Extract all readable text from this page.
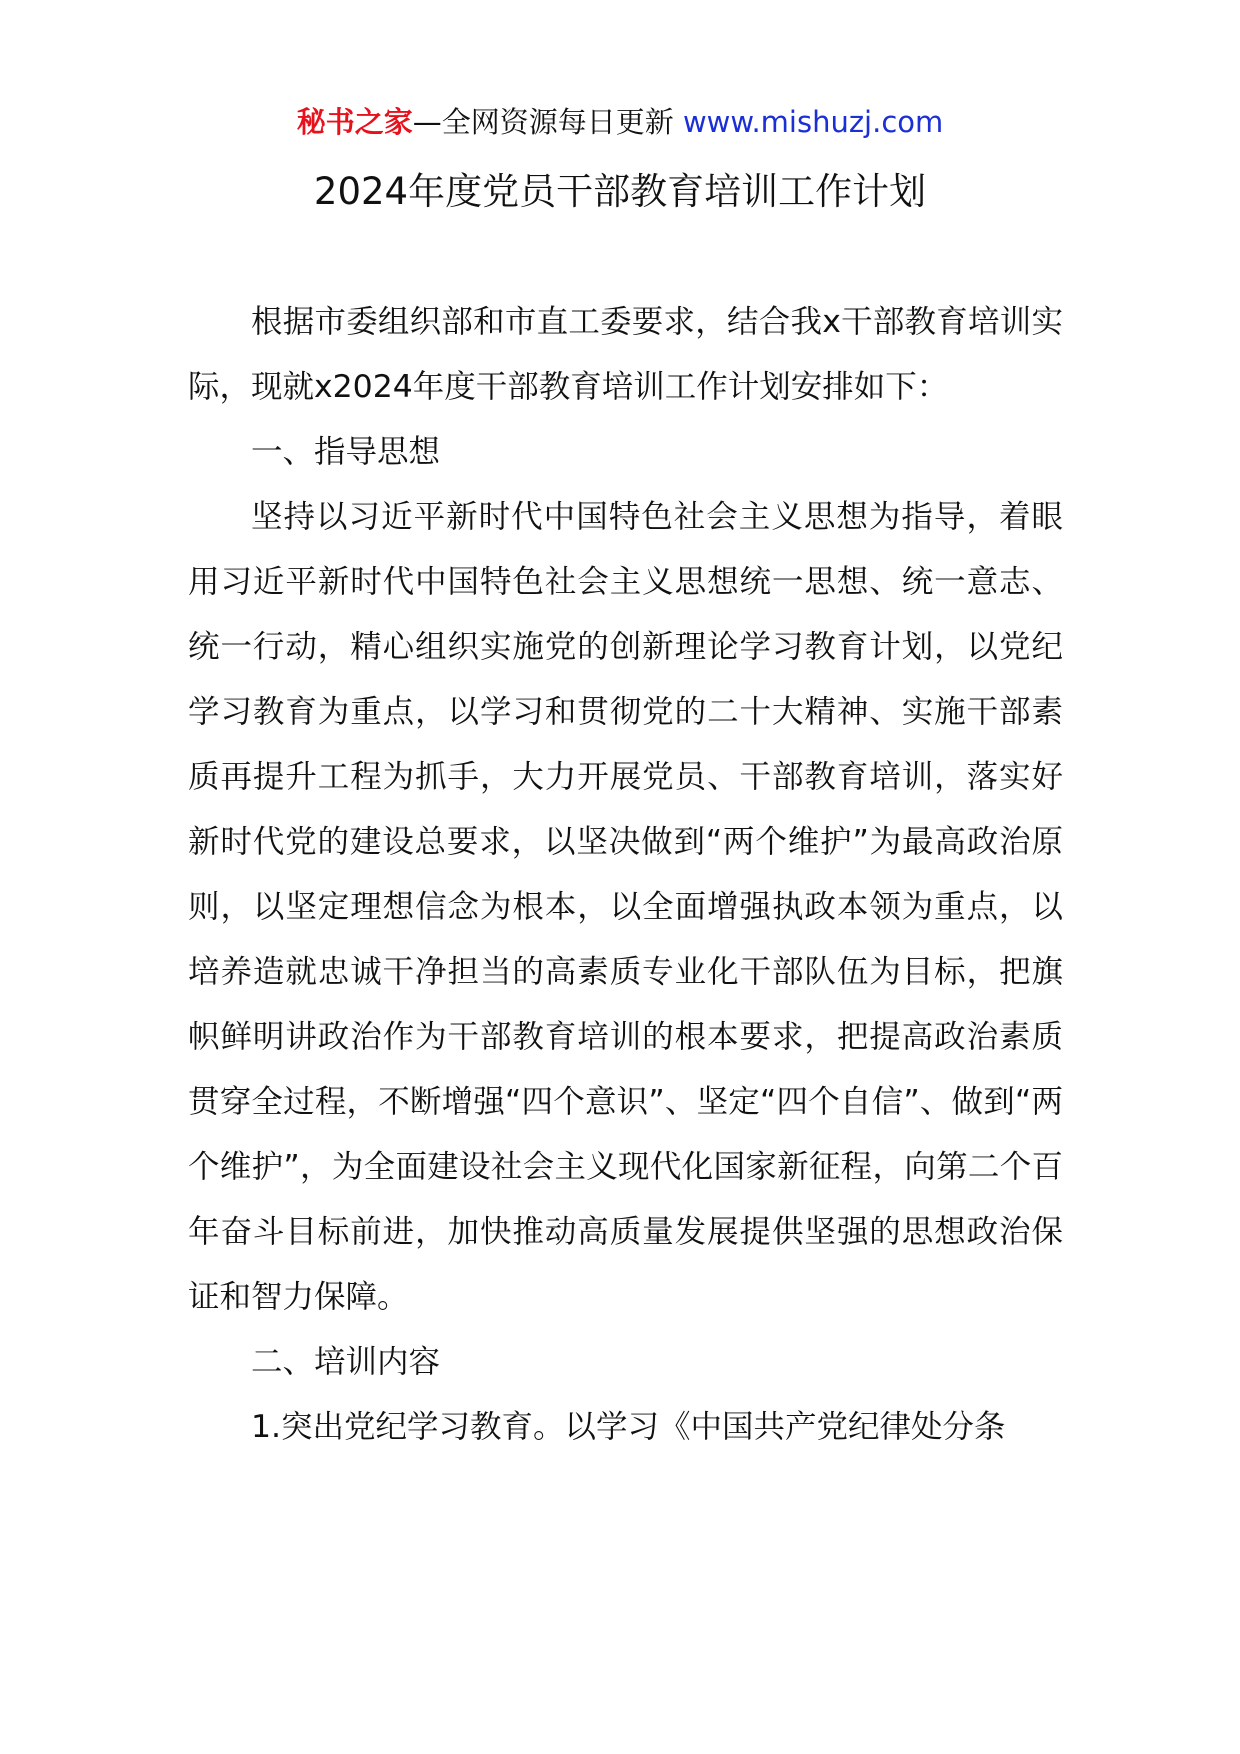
秘书之家—全网资源每日更新 www.mishuzj.com
2024年度党员干部教育培训工作计划

根据市委组织部和市直工委要求，结合我x干部教育培训实际，现就x2024年度干部教育培训工作计划安排如下：

一、指导思想

坚持以习近平新时代中国特色社会主义思想为指导，着眼用习近平新时代中国特色社会主义思想统一思想、统一意志、统一行动，精心组织实施党的创新理论学习教育计划，以党纪学习教育为重点，以学习和贯彻党的二十大精神、实施干部素质再提升工程为抓手，大力开展党员、干部教育培训，落实好新时代党的建设总要求，以坚决做到“两个维护”为最高政治原则，以坚定理想信念为根本，以全面增强执政本领为重点，以培养造就忠诚干净担当的高素质专业化干部队伍为目标，把旗帜鲜明讲政治作为干部教育培训的根本要求，把提高政治素质贯穿全过程，不断增强“四个意识”、坚定“四个自信”、做到“两个维护”，为全面建设社会主义现代化国家新征程，向第二个百年奋斗目标前进，加快推动高质量发展提供坚强的思想政治保证和智力保障。

二、培训内容

1.突出党纪学习教育。以学习《中国共产党纪律处分条
